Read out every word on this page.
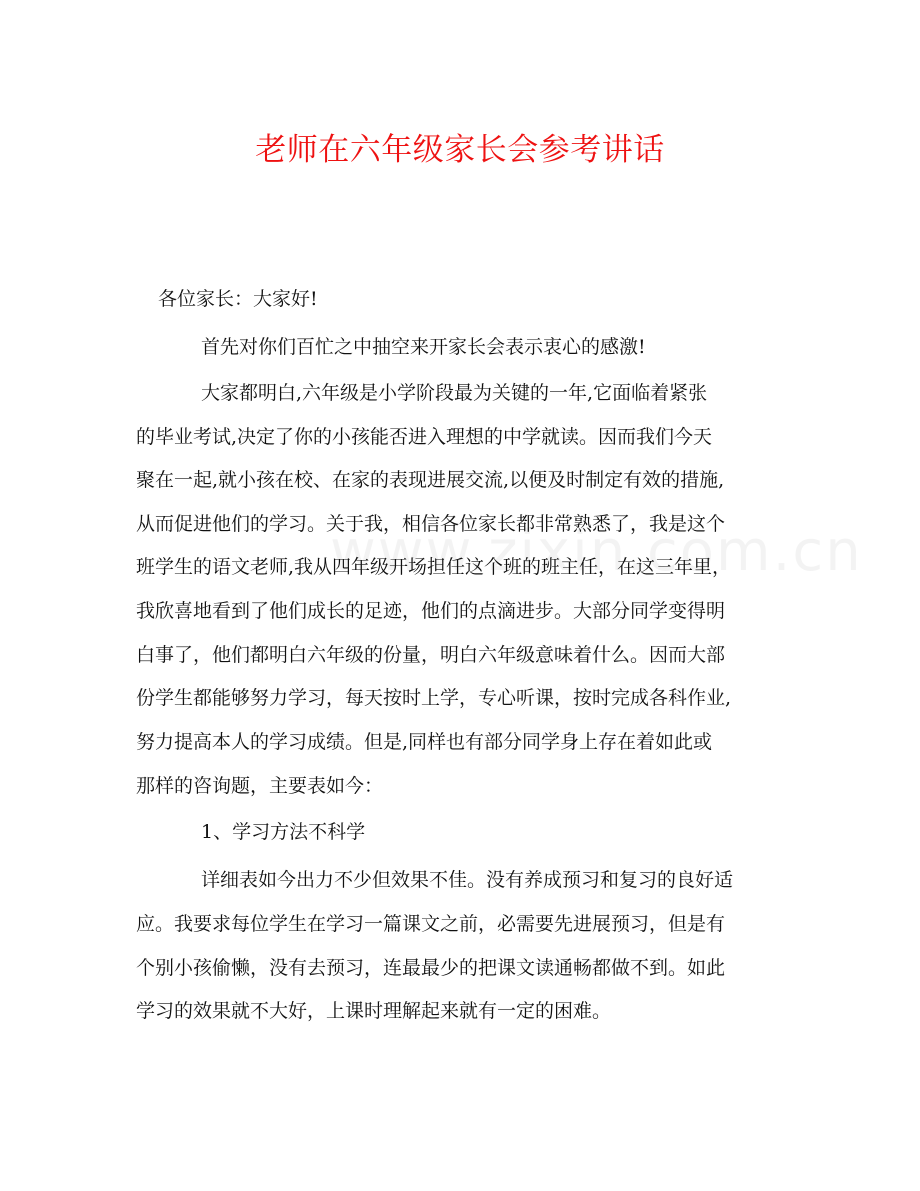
老师在六年级家长会参考讲话
各位家长：大家好!
首先对你们百忙之中抽空来开家长会表示衷心的感激!
大家都明白,六年级是小学阶段最为关键的一年,它面临着紧张
的毕业考试,决定了你的小孩能否进入理想的中学就读。因而我们今天
聚在一起,就小孩在校、在家的表现进展交流,以便及时制定有效的措施,
从而促进他们的学习。关于我，相信各位家长都非常熟悉了，我是这个
班学生的语文老师,我从四年级开场担任这个班的班主任，在这三年里，
我欣喜地看到了他们成长的足迹，他们的点滴进步。大部分同学变得明
白事了，他们都明白六年级的份量，明白六年级意味着什么。因而大部
份学生都能够努力学习，每天按时上学，专心听课，按时完成各科作业,
努力提高本人的学习成绩。但是,同样也有部分同学身上存在着如此或
那样的咨询题，主要表如今：
1、学习方法不科学
详细表如今出力不少但效果不佳。没有养成预习和复习的良好适
应。我要求每位学生在学习一篇课文之前，必需要先进展预习，但是有
个别小孩偷懒，没有去预习，连最最少的把课文读通畅都做不到。如此
学习的效果就不大好，上课时理解起来就有一定的困难。
